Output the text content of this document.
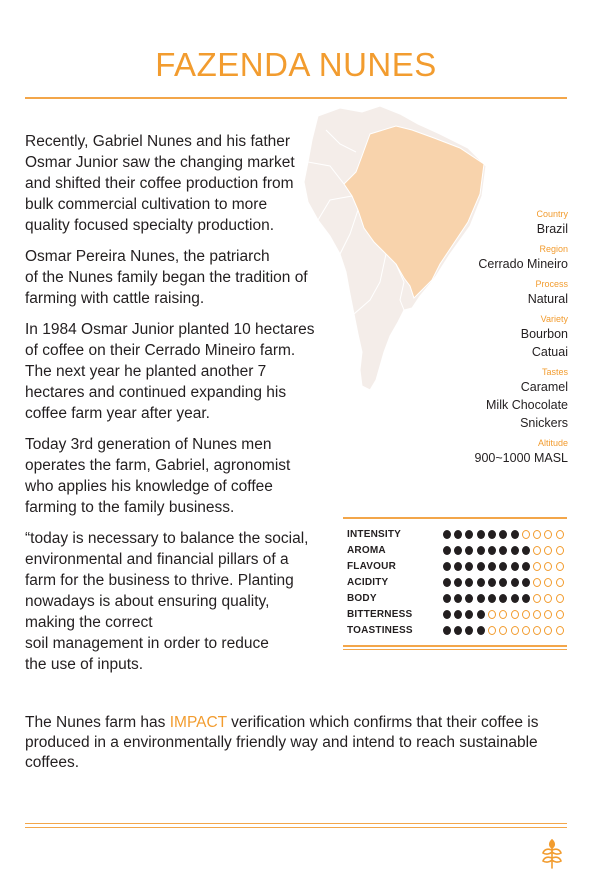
FAZENDA NUNES

Recently, Gabriel Nunes and his father
Osmar Junior saw the changing market
and shifted their coffee production from
bulk commercial cultivation to more
quality focused specialty production.

Osmar Pereira Nunes, the patriarch
of the Nunes family began the tradition of
farming with cattle raising.

In 1984 Osmar Junior planted 10 hectares
of coffee on their Cerrado Mineiro farm.
The next year he planted another 7
hectares and continued expanding his
coffee farm year after year.

Today 3rd generation of Nunes men
operates the farm, Gabriel, agronomist
who applies his knowledge of coffee
farming to the family business.

“today is necessary to balance the social,
environmental and financial pillars of a
farm for the business to thrive. Planting
nowadays is about ensuring quality,
making the correct
soil management in order to reduce
the use of inputs.

Country
Brazil
Region
Cerrado Mineiro
Process
Natural
Variety
Bourbon
Catuai
Tastes
Caramel
Milk Chocolate
Snickers
Altitude
900~1000 MASL
INTENSITY
AROMA
FLAVOUR
ACIDITY
BODY
BITTERNESS
TOASTINESS
The Nunes farm has IMPACT verification which confirms that their coffee is produced in a environmentally friendly way and intend to reach sustainable coffees.
